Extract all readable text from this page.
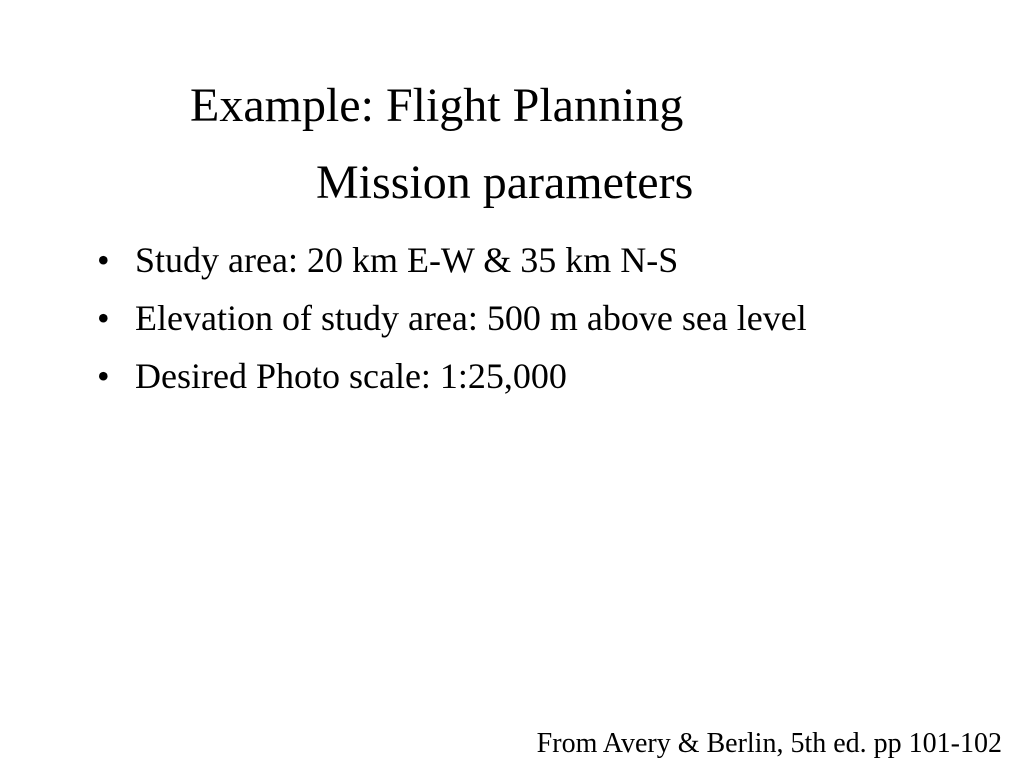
Example: Flight Planning
Mission parameters
• Study area: 20 km E-W & 35 km N-S
• Elevation of study area: 500 m above sea level
• Desired Photo scale: 1:25,000
From Avery & Berlin, 5th ed. pp 101-102
